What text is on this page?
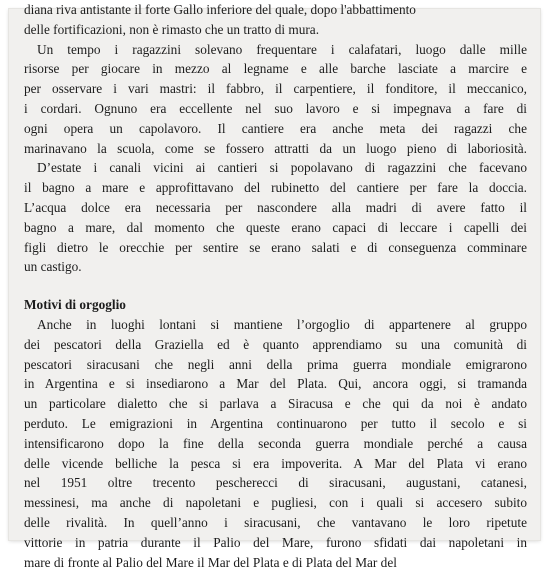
diana riva antistante il forte Gallo inferiore del quale, dopo l'abbattimento
delle fortificazioni, non è rimasto che un tratto di mura.
Un tempo i ragazzini solevano frequentare i calafatari, luogo dalle mille
risorse per giocare in mezzo al legname e alle barche lasciate a marcire e
per osservare i vari mastri: il fabbro, il carpentiere, il fonditore, il meccanico,
i cordari. Ognuno era eccellente nel suo lavoro e si impegnava a fare di
ogni opera un capolavoro. Il cantiere era anche meta dei ragazzi che
marinavano la scuola, come se fossero attratti da un luogo pieno di laboriosità.
D’estate i canali vicini ai cantieri si popolavano di ragazzini che facevano
il bagno a mare e approfittavano del rubinetto del cantiere per fare la doccia.
L’acqua dolce era necessaria per nascondere alla madri di avere fatto il
bagno a mare, dal momento che queste erano capaci di leccare i capelli dei
figli dietro le orecchie per sentire se erano salati e di conseguenza comminare
un castigo.
Motivi di orgoglio
Anche in luoghi lontani si mantiene l’orgoglio di appartenere al gruppo
dei pescatori della Graziella ed è quanto apprendiamo su una comunità di
pescatori siracusani che negli anni della prima guerra mondiale emigrarono
in Argentina e si insediarono a Mar del Plata. Qui, ancora oggi, si tramanda
un particolare dialetto che si parlava a Siracusa e che qui da noi è andato
perduto. Le emigrazioni in Argentina continuarono per tutto il secolo e si
intensificarono dopo la fine della seconda guerra mondiale perché a causa
delle vicende belliche la pesca si era impoverita. A Mar del Plata vi erano
nel 1951 oltre trecento pescherecci di siracusani, augustani, catanesi,
messinesi, ma anche di napoletani e pugliesi, con i quali si accesero subito
delle rivalità. In quell’anno i siracusani, che vantavano le loro ripetute
vittorie in patria durante il Palio del Mare, furono sfidati dai napoletani in
mare di fronte al Palio del Mare il Mar del Plata e di Plata del Mar del
